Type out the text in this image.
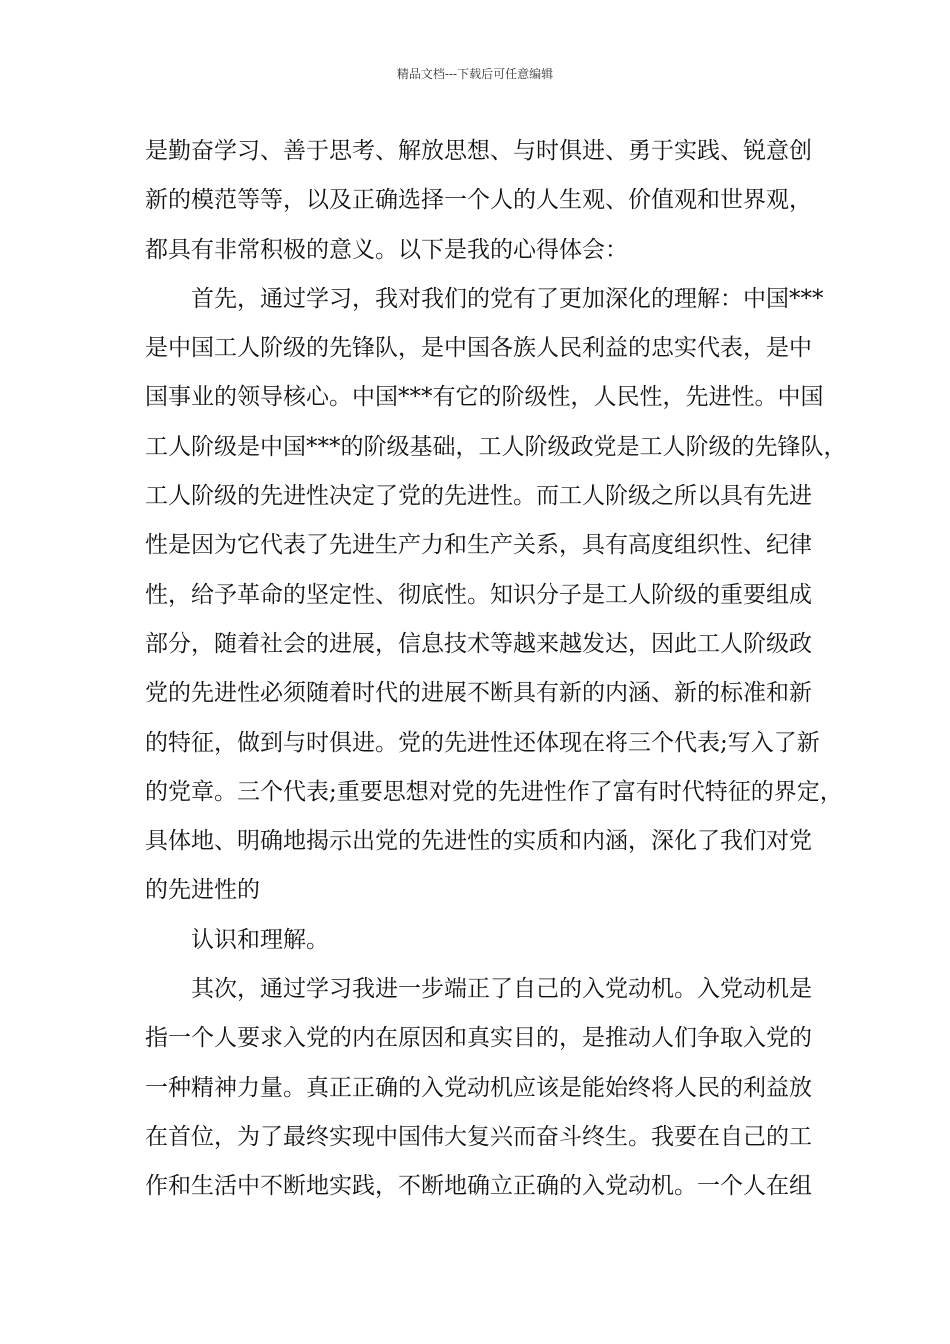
精品文档---下载后可任意编辑
是勤奋学习、善于思考、解放思想、与时俱进、勇于实践、锐意创
新的模范等等，以及正确选择一个人的人生观、价值观和世界观，
都具有非常积极的意义。以下是我的心得体会：
首先，通过学习，我对我们的党有了更加深化的理解：中国***
是中国工人阶级的先锋队，是中国各族人民利益的忠实代表，是中
国事业的领导核心。中国***有它的阶级性，人民性，先进性。中国
工人阶级是中国***的阶级基础，工人阶级政党是工人阶级的先锋队，
工人阶级的先进性决定了党的先进性。而工人阶级之所以具有先进
性是因为它代表了先进生产力和生产关系，具有高度组织性、纪律
性，给予革命的坚定性、彻底性。知识分子是工人阶级的重要组成
部分，随着社会的进展，信息技术等越来越发达，因此工人阶级政
党的先进性必须随着时代的进展不断具有新的内涵、新的标准和新
的特征，做到与时俱进。党的先进性还体现在将三个代表;写入了新
的党章。三个代表;重要思想对党的先进性作了富有时代特征的界定，
具体地、明确地揭示出党的先进性的实质和内涵，深化了我们对党
的先进性的
认识和理解。
其次，通过学习我进一步端正了自己的入党动机。入党动机是
指一个人要求入党的内在原因和真实目的，是推动人们争取入党的
一种精神力量。真正正确的入党动机应该是能始终将人民的利益放
在首位，为了最终实现中国伟大复兴而奋斗终生。我要在自己的工
作和生活中不断地实践，不断地确立正确的入党动机。一个人在组
